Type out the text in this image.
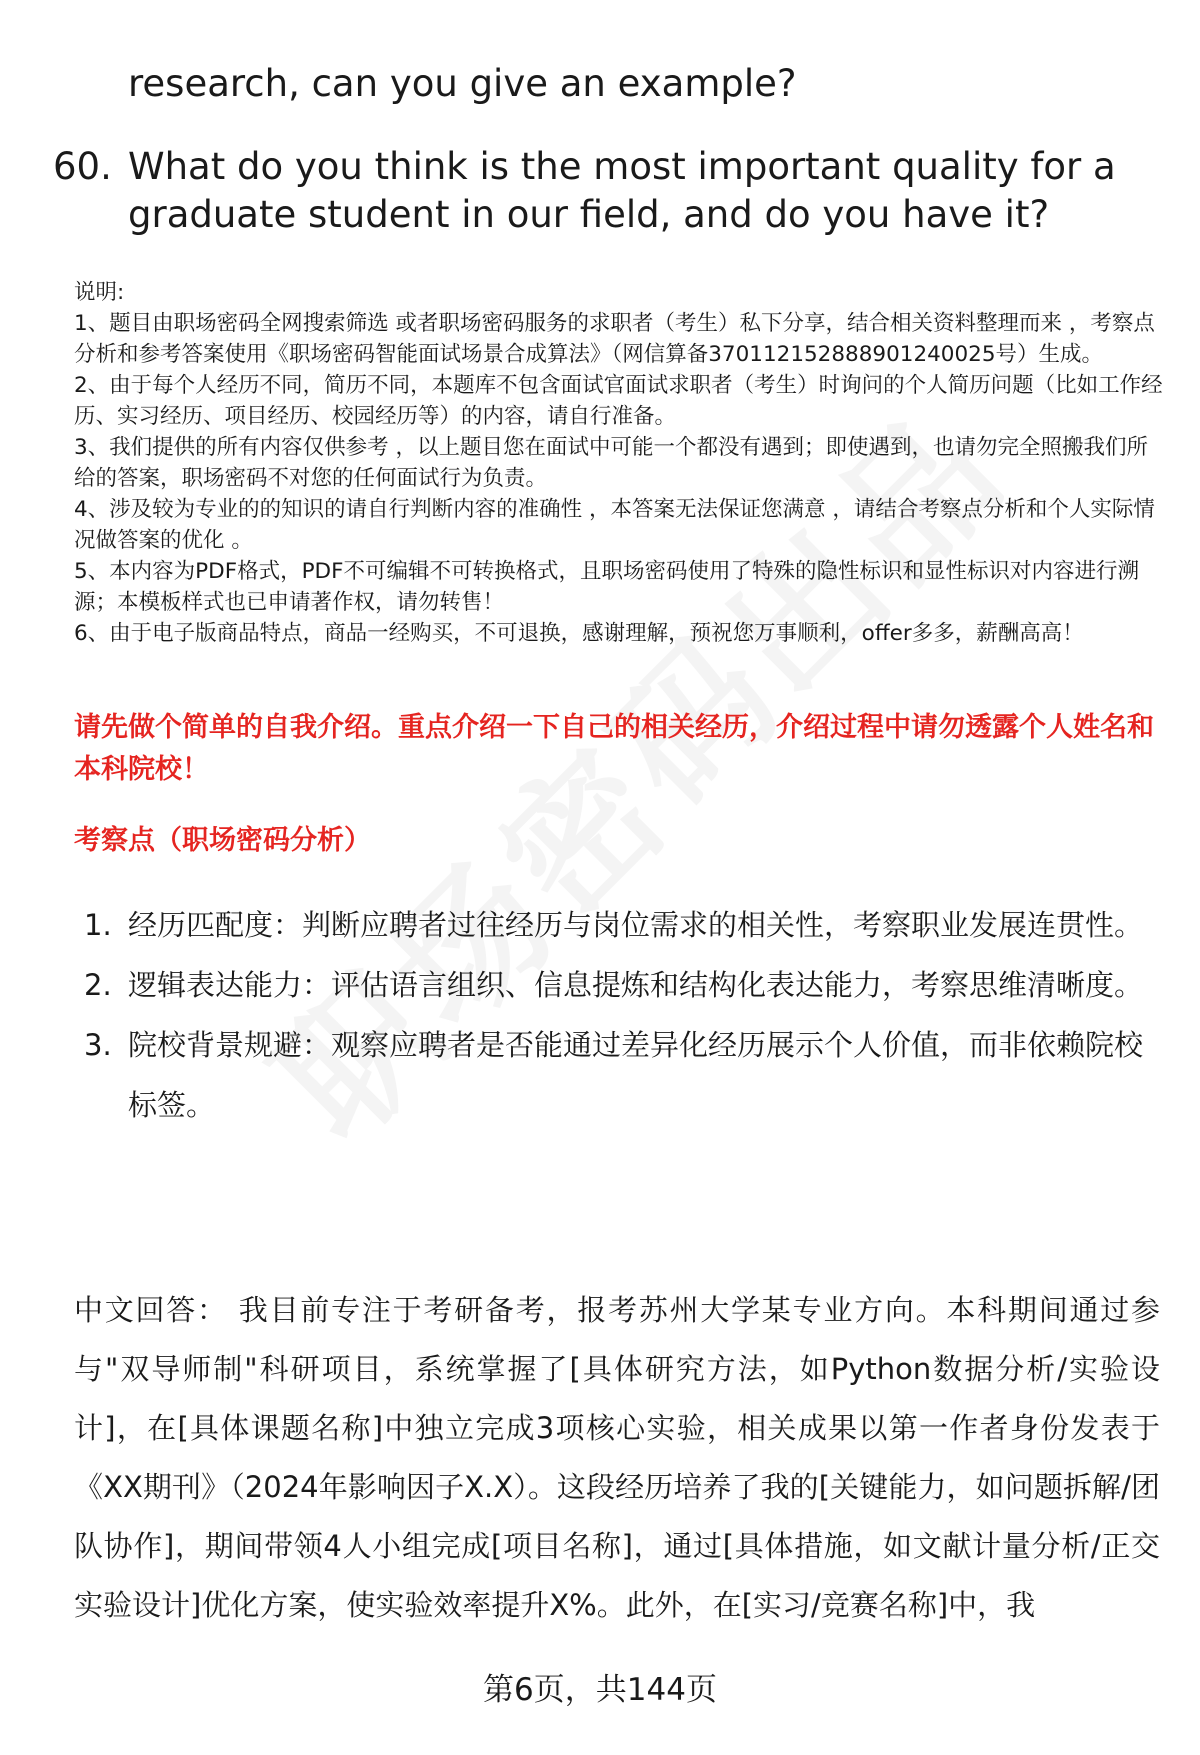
research, can you give an example?
60. What do you think is the most important quality for a
graduate student in our field, and do you have it?
说明:
1、题目由职场密码全网搜索筛选 或者职场密码服务的求职者（考生）私下分享，结合相关资料整理而来 ，考察点分析和参考答案使用《职场密码智能面试场景合成算法》（网信算备370112152888901240025号）生成。
2、由于每个人经历不同，简历不同，本题库不包含面试官面试求职者（考生）时询问的个人简历问题（比如工作经历、实习经历、项目经历、校园经历等）的内容，请自行准备。
3、我们提供的所有内容仅供参考 ，以上题目您在面试中可能一个都没有遇到；即使遇到，也请勿完全照搬我们所给的答案，职场密码不对您的任何面试行为负责。
4、涉及较为专业的的知识的请自行判断内容的准确性 ，本答案无法保证您满意 ，请结合考察点分析和个人实际情况做答案的优化 。
5、本内容为PDF格式，PDF不可编辑不可转换格式，且职场密码使用了特殊的隐性标识和显性标识对内容进行溯源；本模板样式也已申请著作权，请勿转售！
6、由于电子版商品特点，商品一经购买，不可退换，感谢理解，预祝您万事顺利，offer多多，薪酬高高！
请先做个简单的自我介绍。重点介绍一下自己的相关经历，介绍过程中请勿透露个人姓名和本科院校！
考察点（职场密码分析）
1. 经历匹配度：判断应聘者过往经历与岗位需求的相关性，考察职业发展连贯性。
2. 逻辑表达能力：评估语言组织、信息提炼和结构化表达能力，考察思维清晰度。
3. 院校背景规避：观察应聘者是否能通过差异化经历展示个人价值，而非依赖院校标签。
中文回答： 我目前专注于考研备考，报考苏州大学某专业方向。本科期间通过参与"双导师制"科研项目，系统掌握了[具体研究方法，如Python数据分析/实验设计]，在[具体课题名称]中独立完成3项核心实验，相关成果以第一作者身份发表于《XX期刊》（2024年影响因子X.X）。这段经历培养了我的[关键能力，如问题拆解/团队协作]，期间带领4人小组完成[项目名称]，通过[具体措施，如文献计量分析/正交实验设计]优化方案，使实验效率提升X%。此外，在[实习/竞赛名称]中，我
第6页，共144页
